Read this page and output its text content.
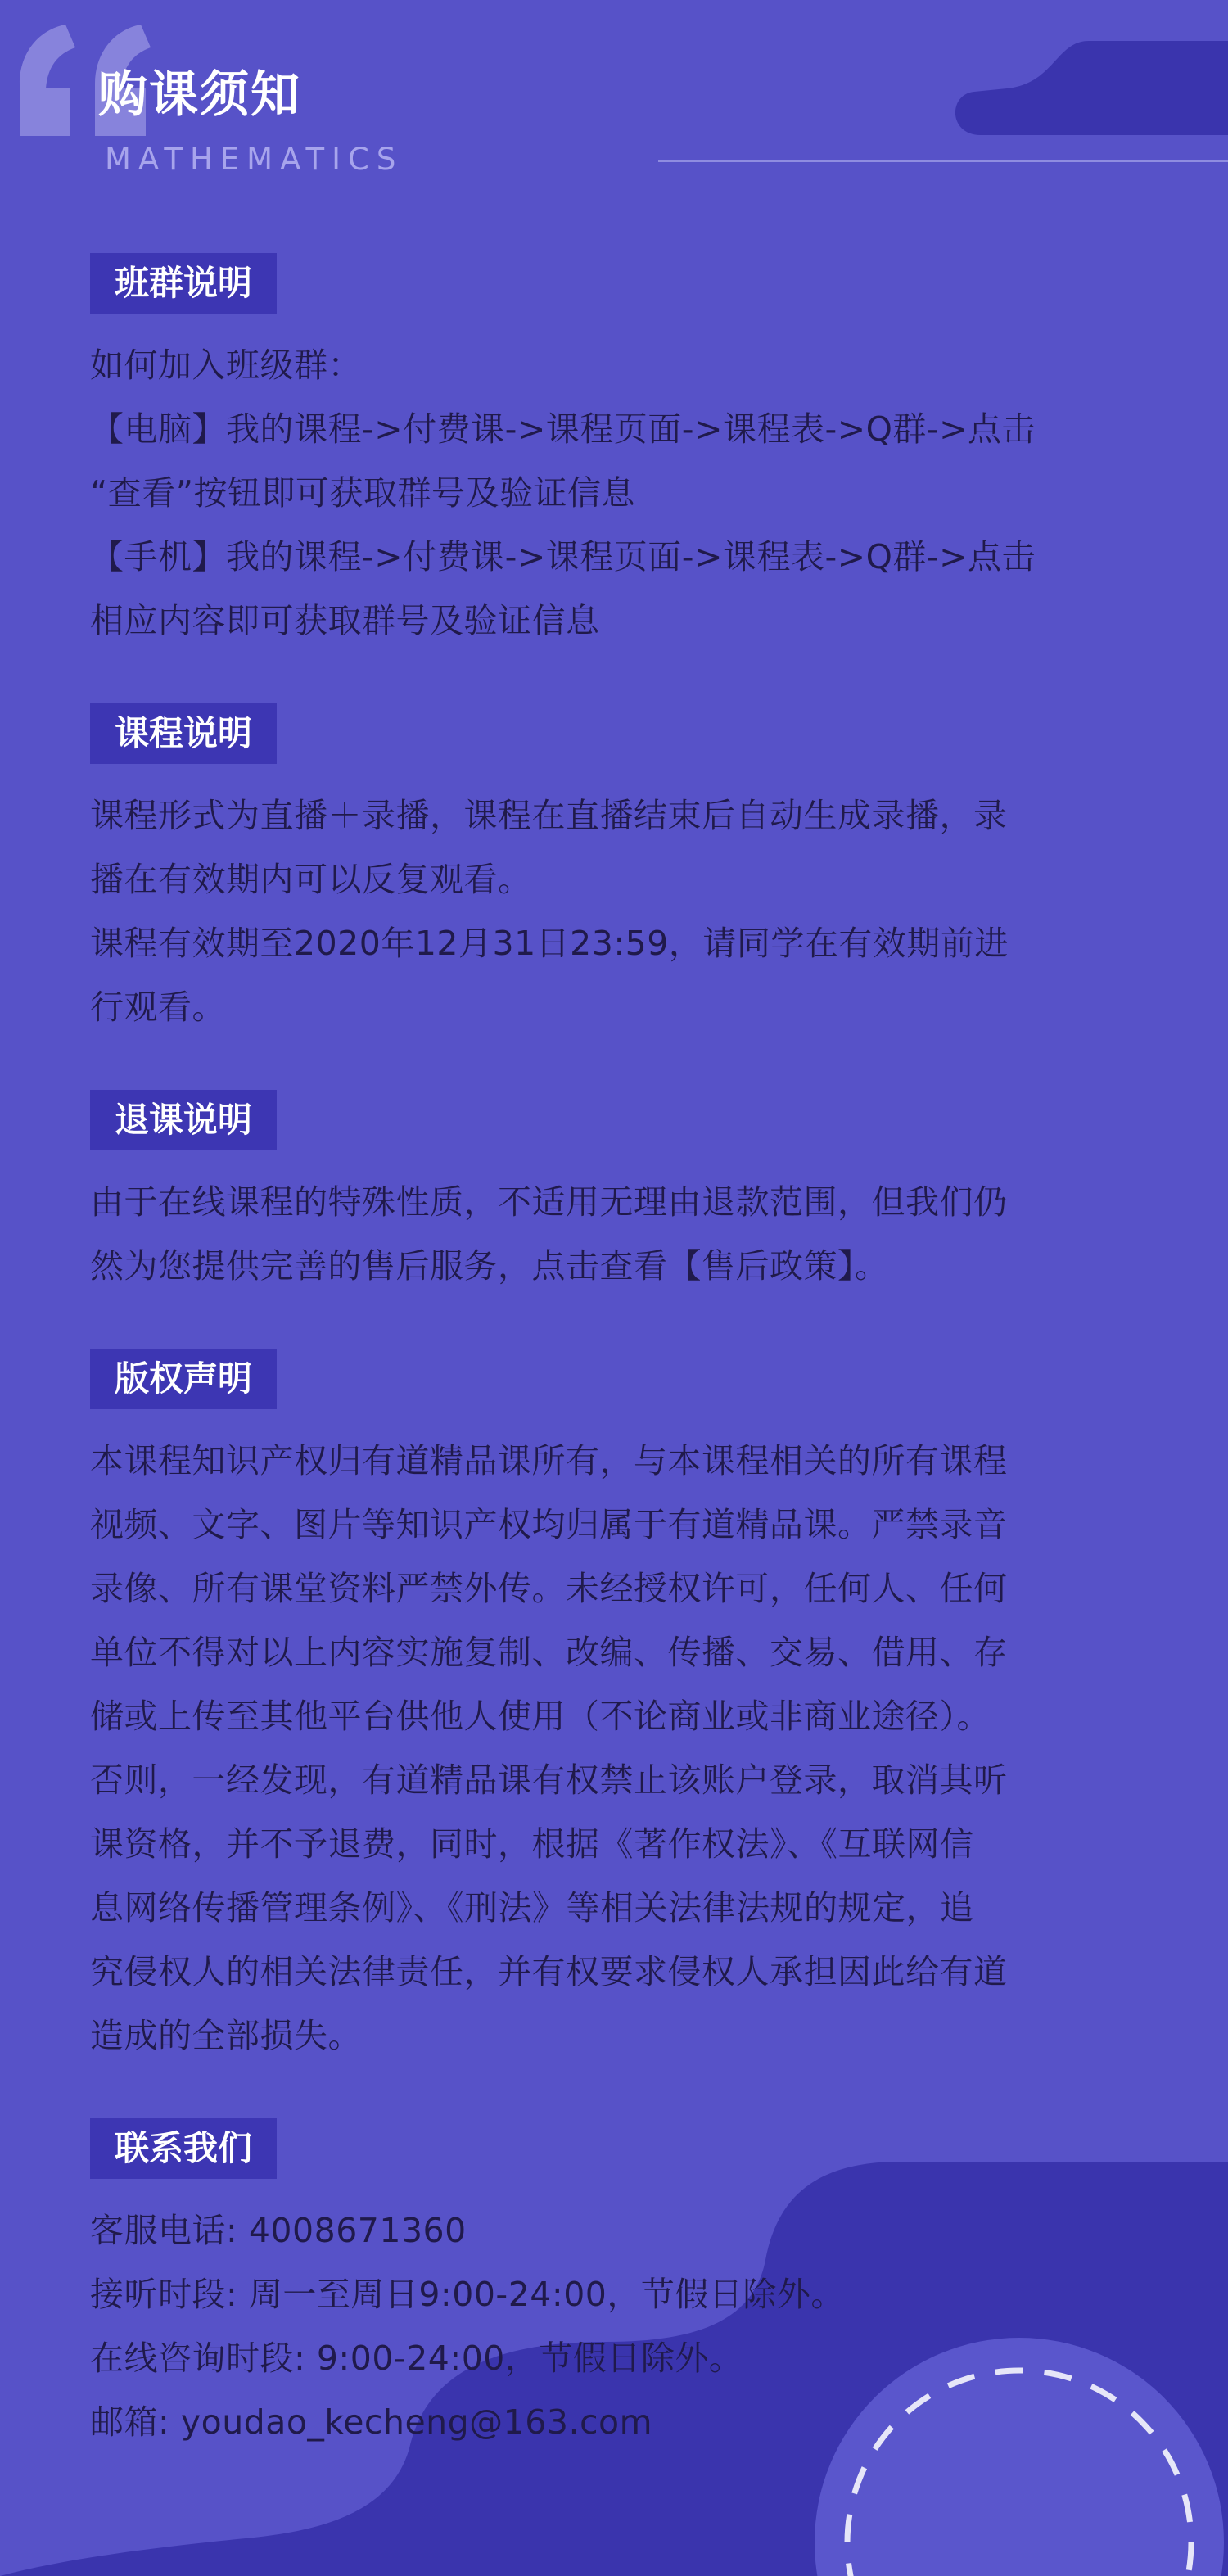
购课须知
MATHEMATICS
班群说明

如何加入班级群：

【电脑】我的课程->付费课->课程页面->课程表->Q群->点击

“查看”按钮即可获取群号及验证信息

【手机】我的课程->付费课->课程页面->课程表->Q群->点击

相应内容即可获取群号及验证信息

课程说明

课程形式为直播＋录播，课程在直播结束后自动生成录播，录

播在有效期内可以反复观看。

课程有效期至2020年12月31日23:59，请同学在有效期前进

行观看。

退课说明

由于在线课程的特殊性质，不适用无理由退款范围，但我们仍

然为您提供完善的售后服务，点击查看【售后政策】。

版权声明

本课程知识产权归有道精品课所有，与本课程相关的所有课程

视频、文字、图片等知识产权均归属于有道精品课。严禁录音

录像、所有课堂资料严禁外传。未经授权许可，任何人、任何

单位不得对以上内容实施复制、改编、传播、交易、借用、存

储或上传至其他平台供他人使用（不论商业或非商业途径）。

否则，一经发现，有道精品课有权禁止该账户登录，取消其听

课资格，并不予退费，同时，根据《著作权法》、《互联网信

息网络传播管理条例》、《刑法》等相关法律法规的规定，追

究侵权人的相关法律责任，并有权要求侵权人承担因此给有道

造成的全部损失。

联系我们

客服电话: 4008671360

接听时段: 周一至周日9:00-24:00，节假日除外。

在线咨询时段: 9:00-24:00，节假日除外。

邮箱: youdao_kecheng@163.com
